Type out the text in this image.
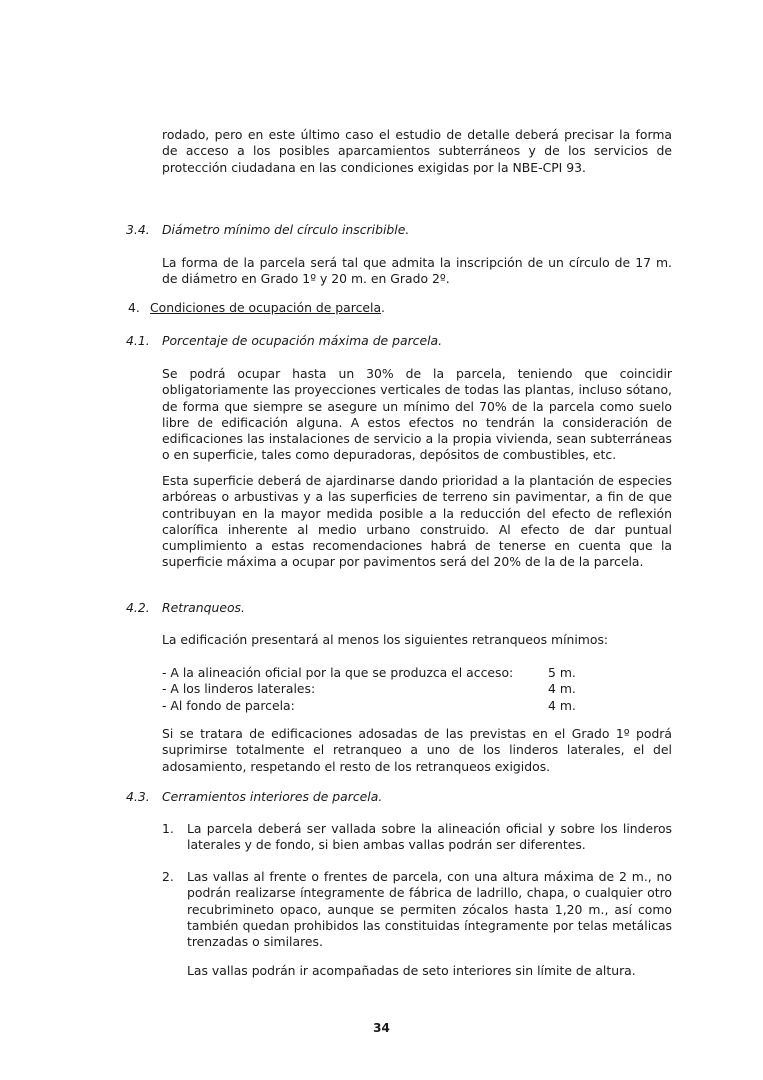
rodado, pero en este último caso el estudio de detalle deberá precisar la forma de acceso a los posibles aparcamientos subterráneos y de los servicios de protección ciudadana en las condiciones exigidas por la NBE-CPI 93.

3.4. Diámetro mínimo del círculo inscribible.

La forma de la parcela será tal que admita la inscripción de un círculo de 17 m. de diámetro en Grado 1º y 20 m. en Grado 2º.

4. Condiciones de ocupación de parcela.
4.1. Porcentaje de ocupación máxima de parcela.

Se podrá ocupar hasta un 30% de la parcela, teniendo que coincidir obligatoriamente las proyecciones verticales de todas las plantas, incluso sótano, de forma que siempre se asegure un mínimo del 70% de la parcela como suelo libre de edificación alguna. A estos efectos no tendrán la consideración de edificaciones las instalaciones de servicio a la propia vivienda, sean subterráneas o en superficie, tales como depuradoras, depósitos de combustibles, etc.

Esta superficie deberá de ajardinarse dando prioridad a la plantación de especies arbóreas o arbustivas y a las superficies de terreno sin pavimentar, a fin de que contribuyan en la mayor medida posible a la reducción del efecto de reflexión calorífica inherente al medio urbano construido. Al efecto de dar puntual cumplimiento a estas recomendaciones habrá de tenerse en cuenta que la superficie máxima a ocupar por pavimentos será del 20% de la de la parcela.

4.2. Retranqueos.

La edificación presentará al menos los siguientes retranqueos mínimos:

- A la alineación oficial por la que se produzca el acceso:	5 m.
- A los linderos laterales:	4 m.
- Al fondo de parcela:	4 m.

Si se tratara de edificaciones adosadas de las previstas en el Grado 1º podrá suprimirse totalmente el retranqueo a uno de los linderos laterales, el del adosamiento, respetando el resto de los retranqueos exigidos.

4.3. Cerramientos interiores de parcela.
1. La parcela deberá ser vallada sobre la alineación oficial y sobre los linderos laterales y de fondo, si bien ambas vallas podrán ser diferentes.
2. Las vallas al frente o frentes de parcela, con una altura máxima de 2 m., no podrán realizarse íntegramente de fábrica de ladrillo, chapa, o cualquier otro recubrimineto opaco, aunque se permiten zócalos hasta 1,20 m., así como también quedan prohibidos las constituidas íntegramente por telas metálicas trenzadas o similares.

Las vallas podrán ir acompañadas de seto interiores sin límite de altura.

34
